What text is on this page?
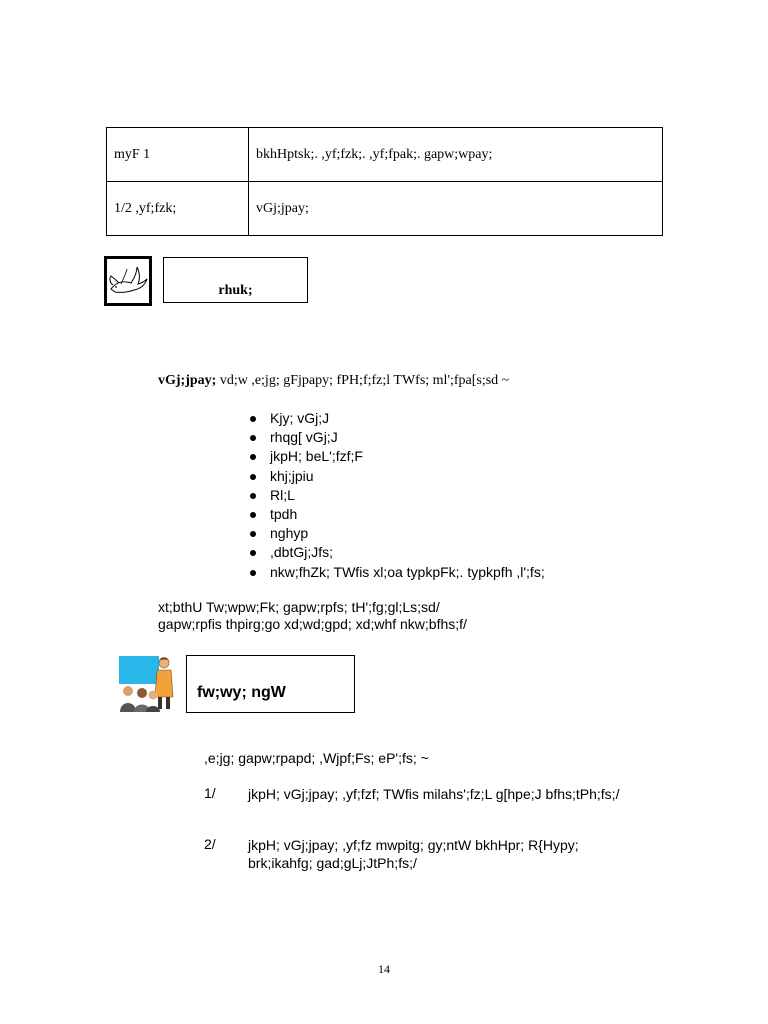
myF 1	bkhHptsk;. ,yf;fzk;. ,yf;fpak;. gapw;wpay;
1/2 ,yf;fzk;	vGj;jpay;
rhuk;
vGj;jpay; vd;w ,e;jg; gFjpapy; fPH;f;fz;l TWfs; ml';fpa[s;sd ~
Kjy; vGj;J
rhqg[ vGj;J
jkpH; beL';fzf;F
khj;jpiu
Rl;L
tpdh
nghyp
,dbtGj;Jfs;
nkw;fhZk; TWfis xl;oa typkpFk;. typkpfh ,l';fs;
xt;bthU Tw;wpw;Fk; gapw;rpfs; tH';fg;gl;Ls;sd/
gapw;rpfis thpirg;go xd;wd;gpd; xd;whf nkw;bfhs;f/
fw;wy; ngW
,e;jg; gapw;rpapd; ,Wjpf;Fs; eP';fs; ~
1/ jkpH; vGj;jpay; ,yf;fzf; TWfis milahs';fz;L g[hpe;J bfhs;tPh;fs;/
2/ jkpH; vGj;jpay; ,yf;fz mwpitg; gy;ntW bkhHpr; R{Hypy;
brk;ikahfg; gad;gLj;JtPh;fs;/
14
